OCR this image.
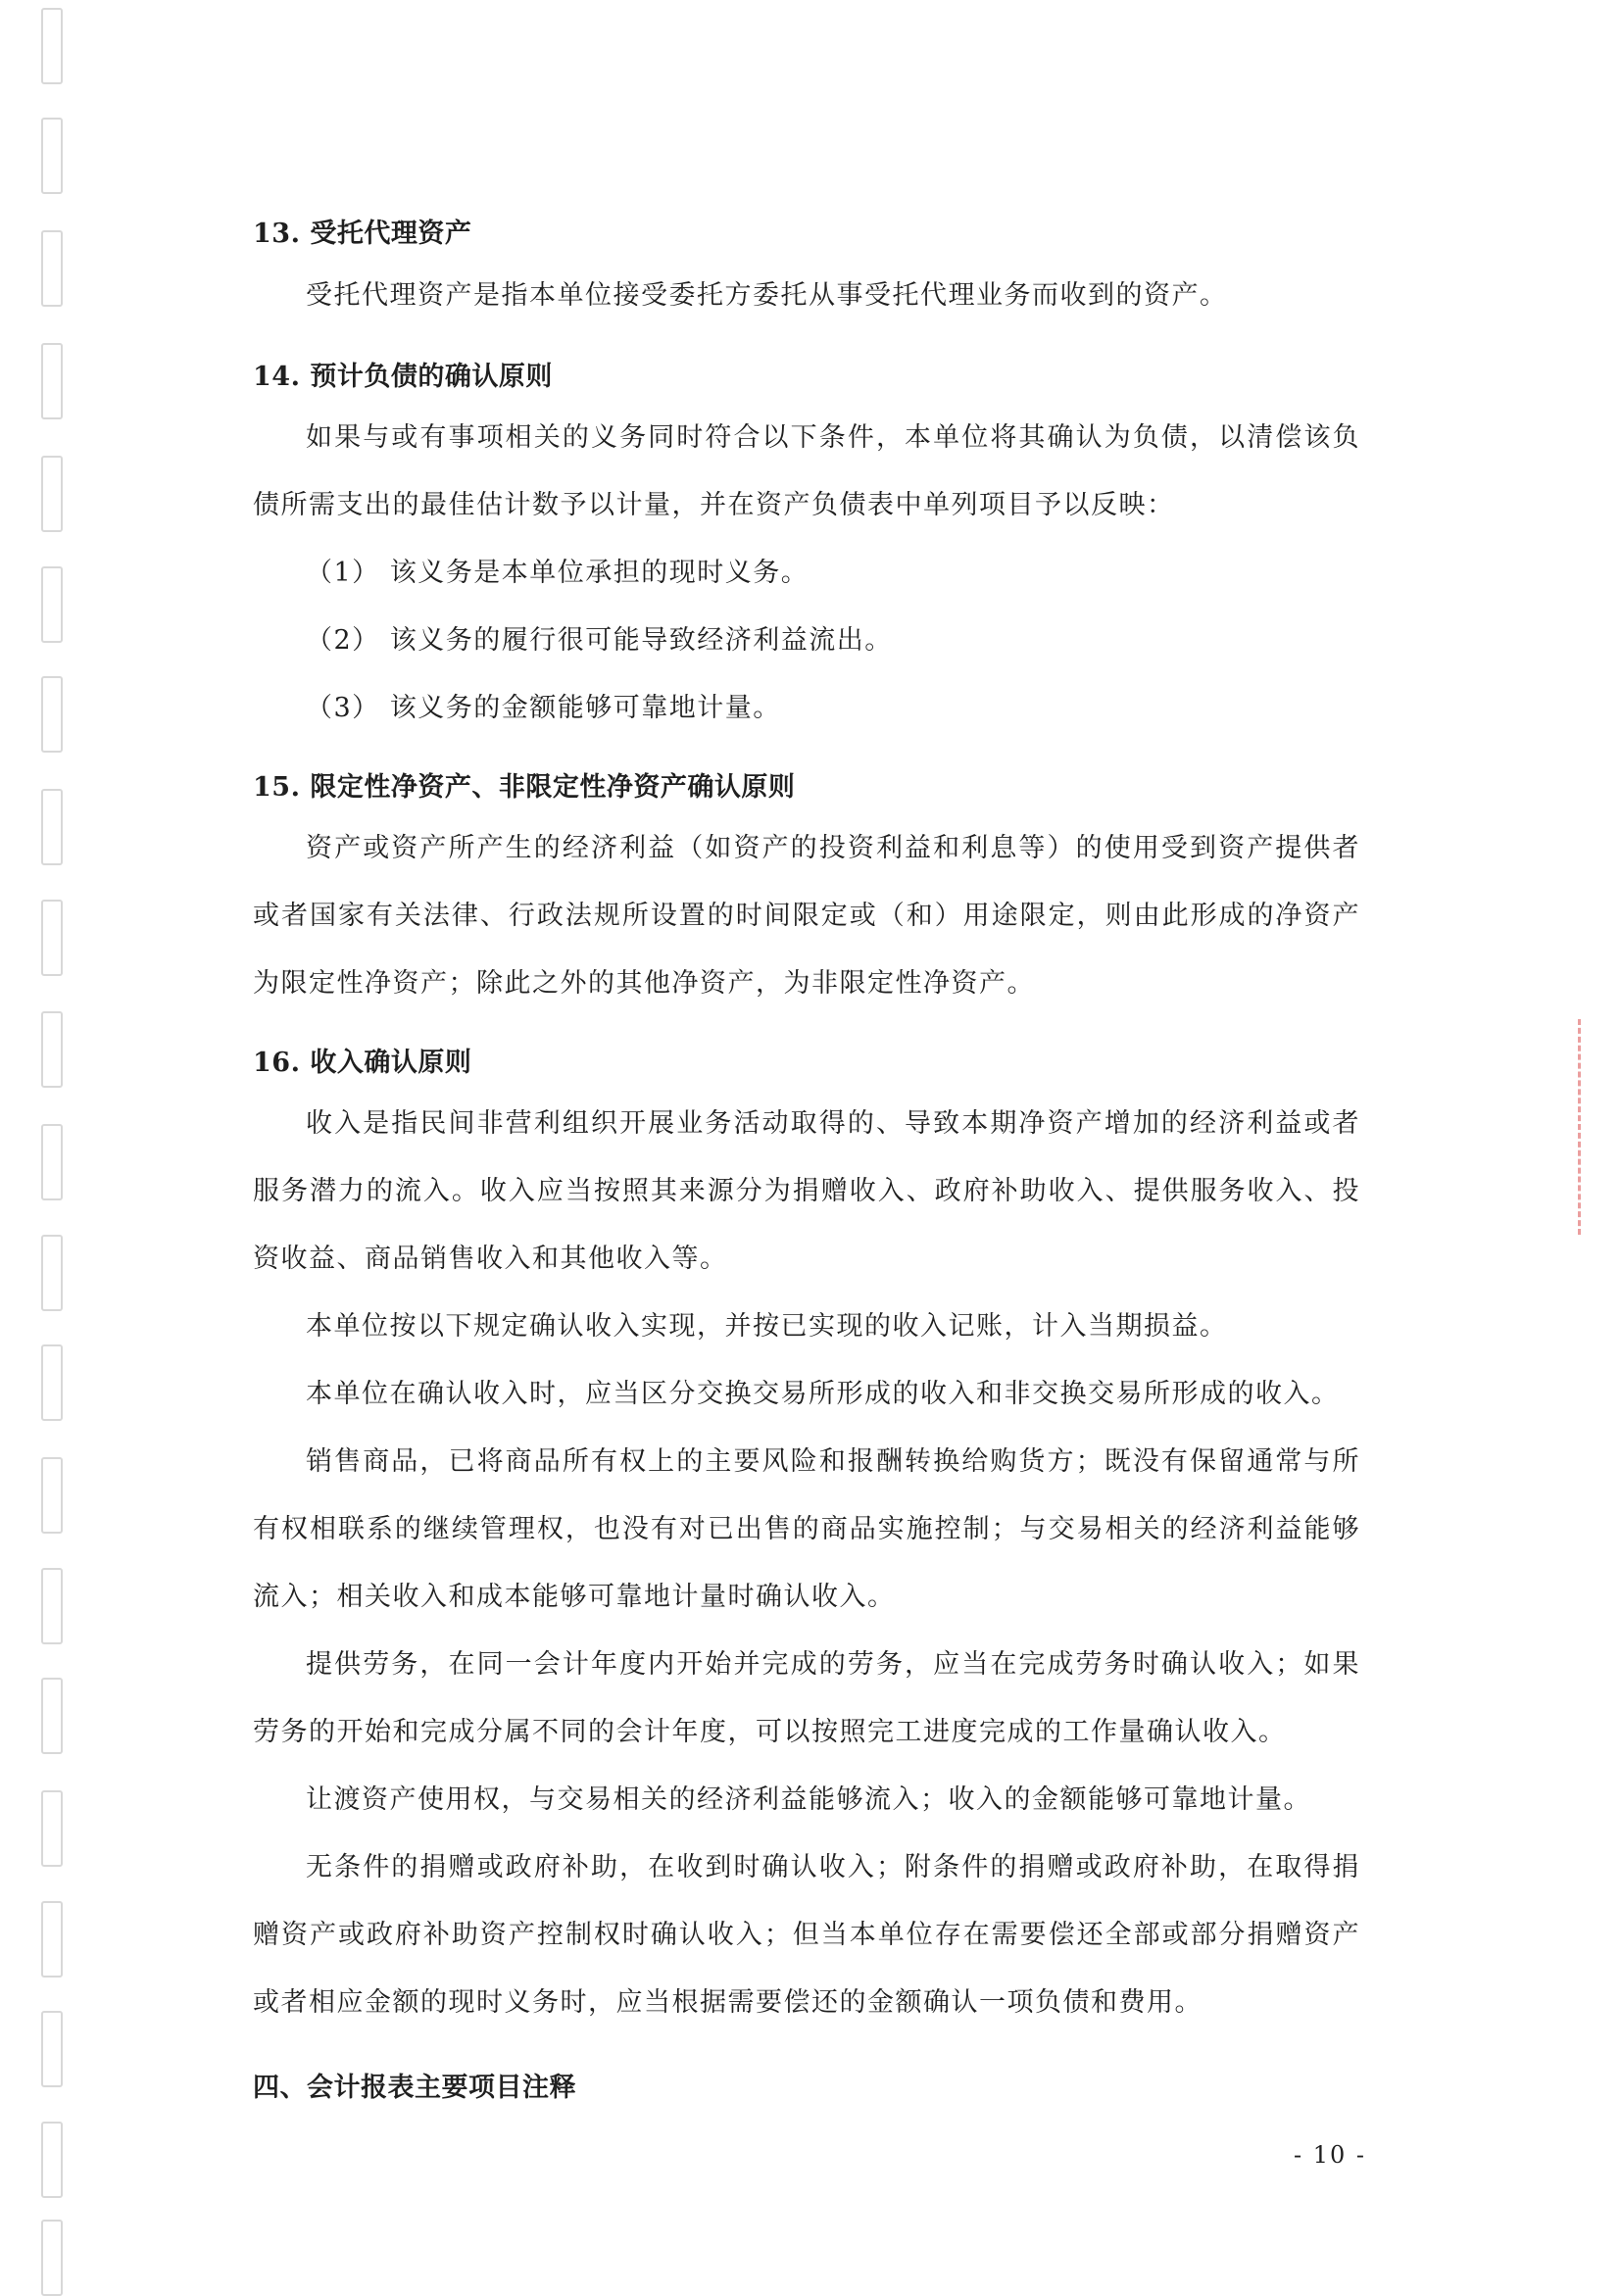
13. 受托代理资产

受托代理资产是指本单位接受委托方委托从事受托代理业务而收到的资产。

14. 预计负债的确认原则

如果与或有事项相关的义务同时符合以下条件，本单位将其确认为负债，以清偿该负债所需支出的最佳估计数予以计量，并在资产负债表中单列项目予以反映：

（1） 该义务是本单位承担的现时义务。

（2） 该义务的履行很可能导致经济利益流出。

（3） 该义务的金额能够可靠地计量。

15. 限定性净资产、非限定性净资产确认原则

资产或资产所产生的经济利益（如资产的投资利益和利息等）的使用受到资产提供者或者国家有关法律、行政法规所设置的时间限定或（和）用途限定，则由此形成的净资产为限定性净资产；除此之外的其他净资产，为非限定性净资产。

16. 收入确认原则

收入是指民间非营利组织开展业务活动取得的、导致本期净资产增加的经济利益或者服务潜力的流入。收入应当按照其来源分为捐赠收入、政府补助收入、提供服务收入、投资收益、商品销售收入和其他收入等。

本单位按以下规定确认收入实现，并按已实现的收入记账，计入当期损益。

本单位在确认收入时，应当区分交换交易所形成的收入和非交换交易所形成的收入。

销售商品，已将商品所有权上的主要风险和报酬转换给购货方；既没有保留通常与所有权相联系的继续管理权，也没有对已出售的商品实施控制；与交易相关的经济利益能够流入；相关收入和成本能够可靠地计量时确认收入。

提供劳务，在同一会计年度内开始并完成的劳务，应当在完成劳务时确认收入；如果劳务的开始和完成分属不同的会计年度，可以按照完工进度完成的工作量确认收入。

让渡资产使用权，与交易相关的经济利益能够流入；收入的金额能够可靠地计量。

无条件的捐赠或政府补助，在收到时确认收入；附条件的捐赠或政府补助，在取得捐赠资产或政府补助资产控制权时确认收入；但当本单位存在需要偿还全部或部分捐赠资产或者相应金额的现时义务时，应当根据需要偿还的金额确认一项负债和费用。

四、会计报表主要项目注释
- 10 -
